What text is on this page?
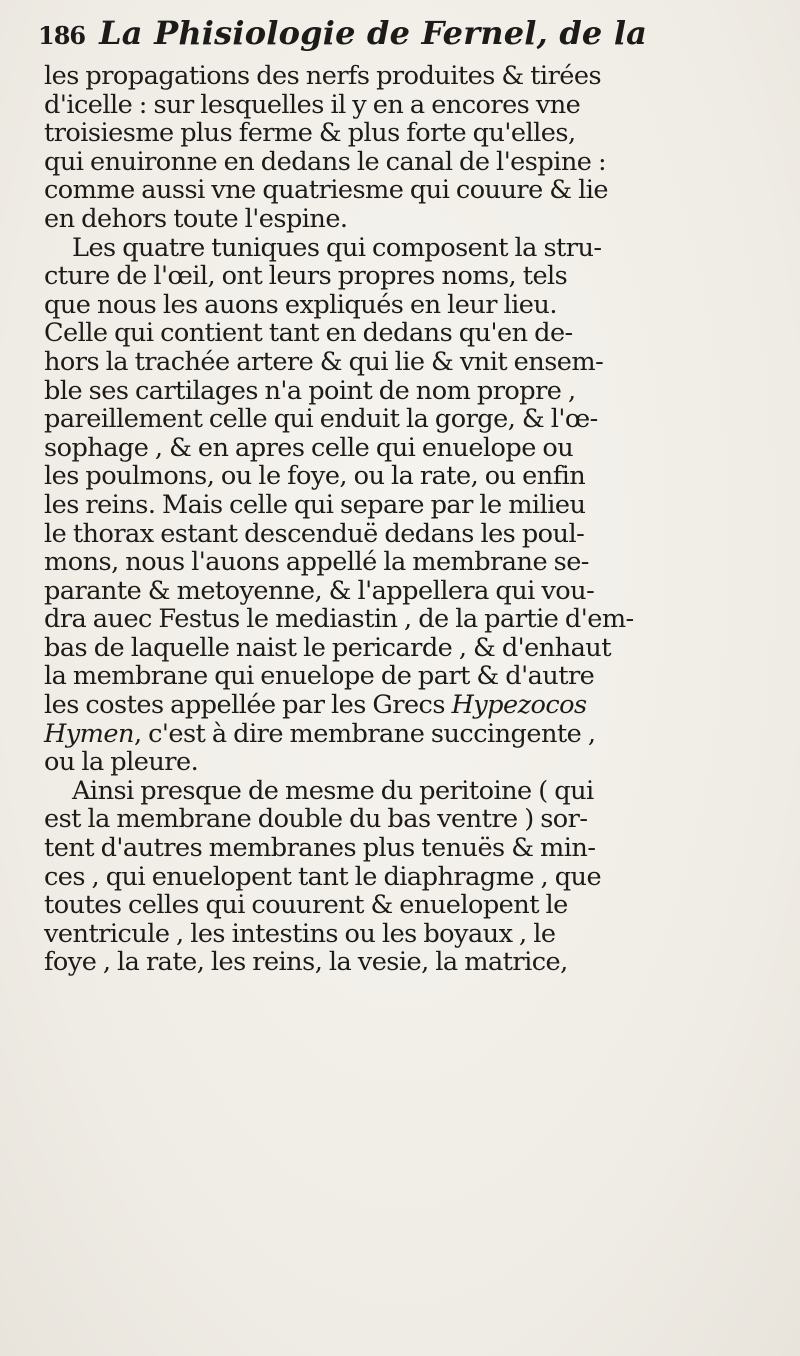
186 La Phisiologie de Fernel, de la
les propagations des nerfs produites & tirées
d'icelle : sur lesquelles il y en a encores vne
troisiesme plus ferme & plus forte qu'elles,
qui enuironne en dedans le canal de l'espine :
comme aussi vne quatriesme qui couure & lie
en dehors toute l'espine.
Les quatre tuniques qui composent la stru-
cture de l'œil, ont leurs propres noms, tels
que nous les auons expliqués en leur lieu.
Celle qui contient tant en dedans qu'en de-
hors la trachée artere & qui lie & vnit ensem-
ble ses cartilages n'a point de nom propre ,
pareillement celle qui enduit la gorge, & l'œ-
sophage , & en apres celle qui enuelope ou
les poulmons, ou le foye, ou la rate, ou enfin
les reins. Mais celle qui separe par le milieu
le thorax estant descenduë dedans les poul-
mons, nous l'auons appellé la membrane se-
parante & metoyenne, & l'appellera qui vou-
dra auec Festus le mediastin , de la partie d'em-
bas de laquelle naist le pericarde , & d'enhaut
la membrane qui enuelope de part & d'autre
les costes appellée par les Grecs Hypezocos
Hymen, c'est à dire membrane succingente ,
ou la pleure.
Ainsi presque de mesme du peritoine ( qui
est la membrane double du bas ventre ) sor-
tent d'autres membranes plus tenuës & min-
ces , qui enuelopent tant le diaphragme , que
toutes celles qui couurent & enuelopent le
ventricule , les intestins ou les boyaux , le
foye , la rate, les reins, la vesie, la matrice,
